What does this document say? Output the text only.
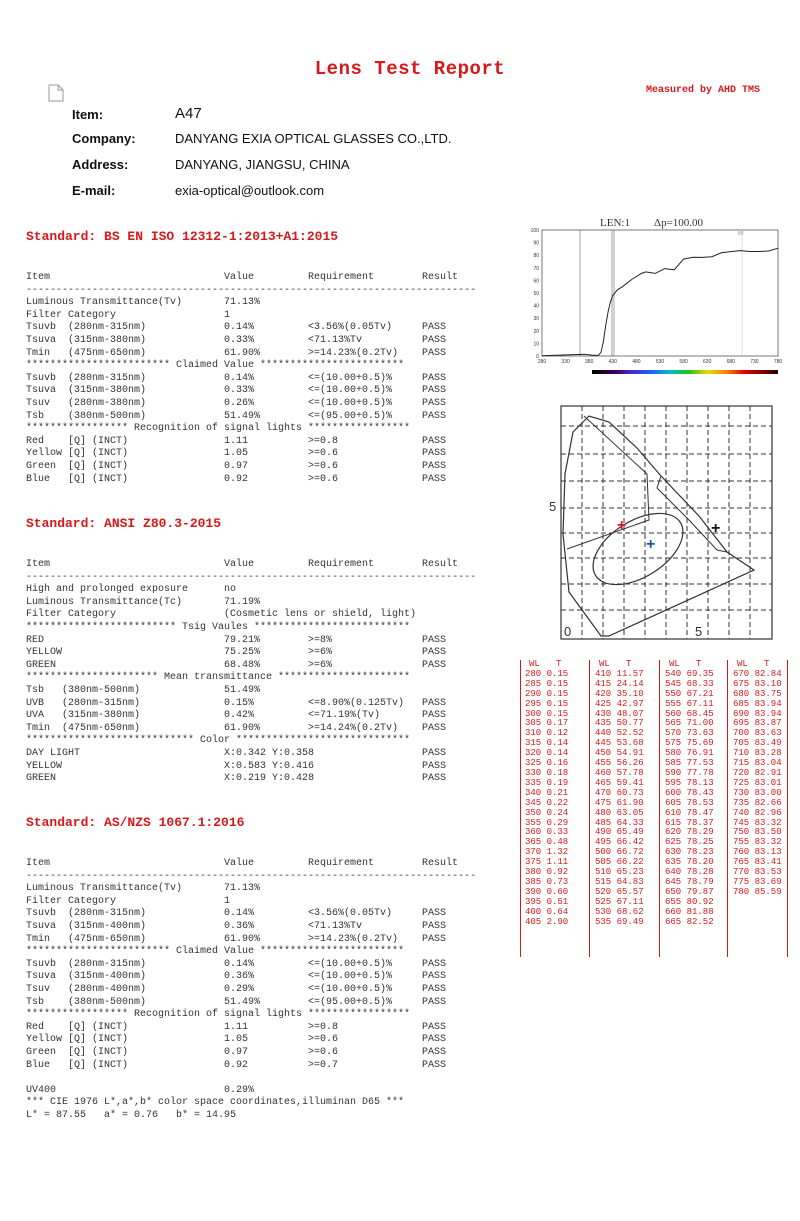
Lens Test Report
Measured by AHD TMS
Item:	A47
Company:	DANYANG EXIA OPTICAL GLASSES CO.,LTD.
Address:	DANYANG, JIANGSU, CHINA
E-mail:	exia-optical@outlook.com
Standard: BS EN ISO 12312-1:2013+A1:2015
Item	Value	Requirement	Result
---------------------------------------------------------------------------
Luminous Transmittance(Tv)	71.13%
Filter Category	1
Tsuvb  (280nm-315nm)	0.14%	<3.56%(0.05Tv)	PASS
Tsuva  (315nm-380nm)	0.33%	<71.13%Tv	PASS
Tmin   (475nm-650nm)	61.90%	>=14.23%(0.2Tv) PASS
************************ Claimed Value ************************
Tsuvb  (280nm-315nm)	0.14%	<=(10.00+0.5)%	PASS
Tsuva  (315nm-380nm)	0.33%	<=(10.00+0.5)%	PASS
Tsuv   (280nm-380nm)	0.26%	<=(10.00+0.5)%	PASS
Tsb    (380nm-500nm)	51.49%	<=(95.00+0.5)%	PASS
***************** Recognition of signal lights *****************
Red    [Q] (INCT)	1.11	>=0.8	PASS
Yellow [Q] (INCT)	1.05	>=0.6	PASS
Green  [Q] (INCT)	0.97	>=0.6	PASS
Blue   [Q] (INCT)	0.92	>=0.6	PASS
Standard: ANSI Z80.3-2015
Item	Value	Requirement	Result
---------------------------------------------------------------------------
High and prolonged exposure	no
Luminous Transmittance(Tc)	71.19%
Filter Category	(Cosmetic lens or shield, light)
************************* Tsig Vaules **************************
RED	79.21%	>=8%	PASS
YELLOW	75.25%	>=6%	PASS
GREEN	68.48%	>=6%	PASS
********************** Mean transmittance **********************
Tsb   (380nm-500nm)	51.49%
UVB   (280nm-315nm)	0.15%	<=8.90%(0.125Tv) PASS
UVA   (315nm-380nm)	0.42%	<=71.19%(Tv)	PASS
Tmin  (475nm-650nm)	61.90%	>=14.24%(0.2Tv) PASS
**************************** Color *****************************
DAY LIGHT	X:0.342 Y:0.358	PASS
YELLOW	X:0.583 Y:0.416	PASS
GREEN	X:0.219 Y:0.428	PASS
Standard: AS/NZS 1067.1:2016
Item	Value	Requirement	Result
---------------------------------------------------------------------------
Luminous Transmittance(Tv)	71.13%
Filter Category	1
Tsuvb  (280nm-315nm)	0.14%	<3.56%(0.05Tv)	PASS
Tsuva  (315nm-400nm)	0.36%	<71.13%Tv	PASS
Tmin   (475nm-650nm)	61.90%	>=14.23%(0.2Tv) PASS
************************ Claimed Value ************************
Tsuvb  (280nm-315nm)	0.14%	<=(10.00+0.5)%	PASS
Tsuva  (315nm-400nm)	0.36%	<=(10.00+0.5)%	PASS
Tsuv   (280nm-400nm)	0.29%	<=(10.00+0.5)%	PASS
Tsb    (380nm-500nm)	51.49%	<=(95.00+0.5)%	PASS
***************** Recognition of signal lights *****************
Red    [Q] (INCT)	1.11	>=0.8	PASS
Yellow [Q] (INCT)	1.05	>=0.6	PASS
Green  [Q] (INCT)	0.97	>=0.6	PASS
Blue   [Q] (INCT)	0.92	>=0.7	PASS
UV400	0.29%
*** CIE 1976 L*,a*,b* color space coordinates,illuminan D65 ***
L* = 87.55   a* = 0.76   b* = 14.95
LEN:1 Δp=100.00
80
100
90
80
70
60
50
40
30
20
10
0
280	330	380	430	480	530	580	630	680	730	780
+
+
+
5
0	5
WL   T
280 0.15
285 0.15
290 0.15
295 0.15
300 0.15
305 0.17
310 0.12
315 0.14
320 0.14
325 0.16
330 0.18
335 0.19
340 0.21
345 0.22
350 0.24
355 0.29
360 0.33
365 0.48
370 1.32
375 1.11
380 0.92
385 0.73
390 0.60
395 0.51
400 0.64
405 2.90
WL   T
410 11.57
415 24.14
420 35.10
425 42.97
430 48.07
435 50.77
440 52.52
445 53.68
450 54.91
455 56.26
460 57.78
465 59.41
470 60.73
475 61.90
480 63.05
485 64.33
490 65.49
495 66.42
500 66.72
505 66.22
510 65.23
515 64.83
520 65.57
525 67.11
530 68.62
535 69.49
WL   T
540 69.35
545 68.33
550 67.21
555 67.11
560 68.45
565 71.00
570 73.63
575 75.69
580 76.91
585 77.53
590 77.78
595 78.13
600 78.43
605 78.53
610 78.47
615 78.37
620 78.29
625 78.25
630 78.23
635 78.20
640 78.28
645 78.79
650 79.87
655 80.92
660 81.88
665 82.52
WL   T
670 82.84
675 83.10
680 83.75
685 83.94
690 83.94
695 83.87
700 83.63
705 83.49
710 83.28
715 83.04
720 82.91
725 83.01
730 83.00
735 82.66
740 82.96
745 83.32
750 83.50
755 83.32
760 83.13
765 83.41
770 83.53
775 83.69
780 85.59
